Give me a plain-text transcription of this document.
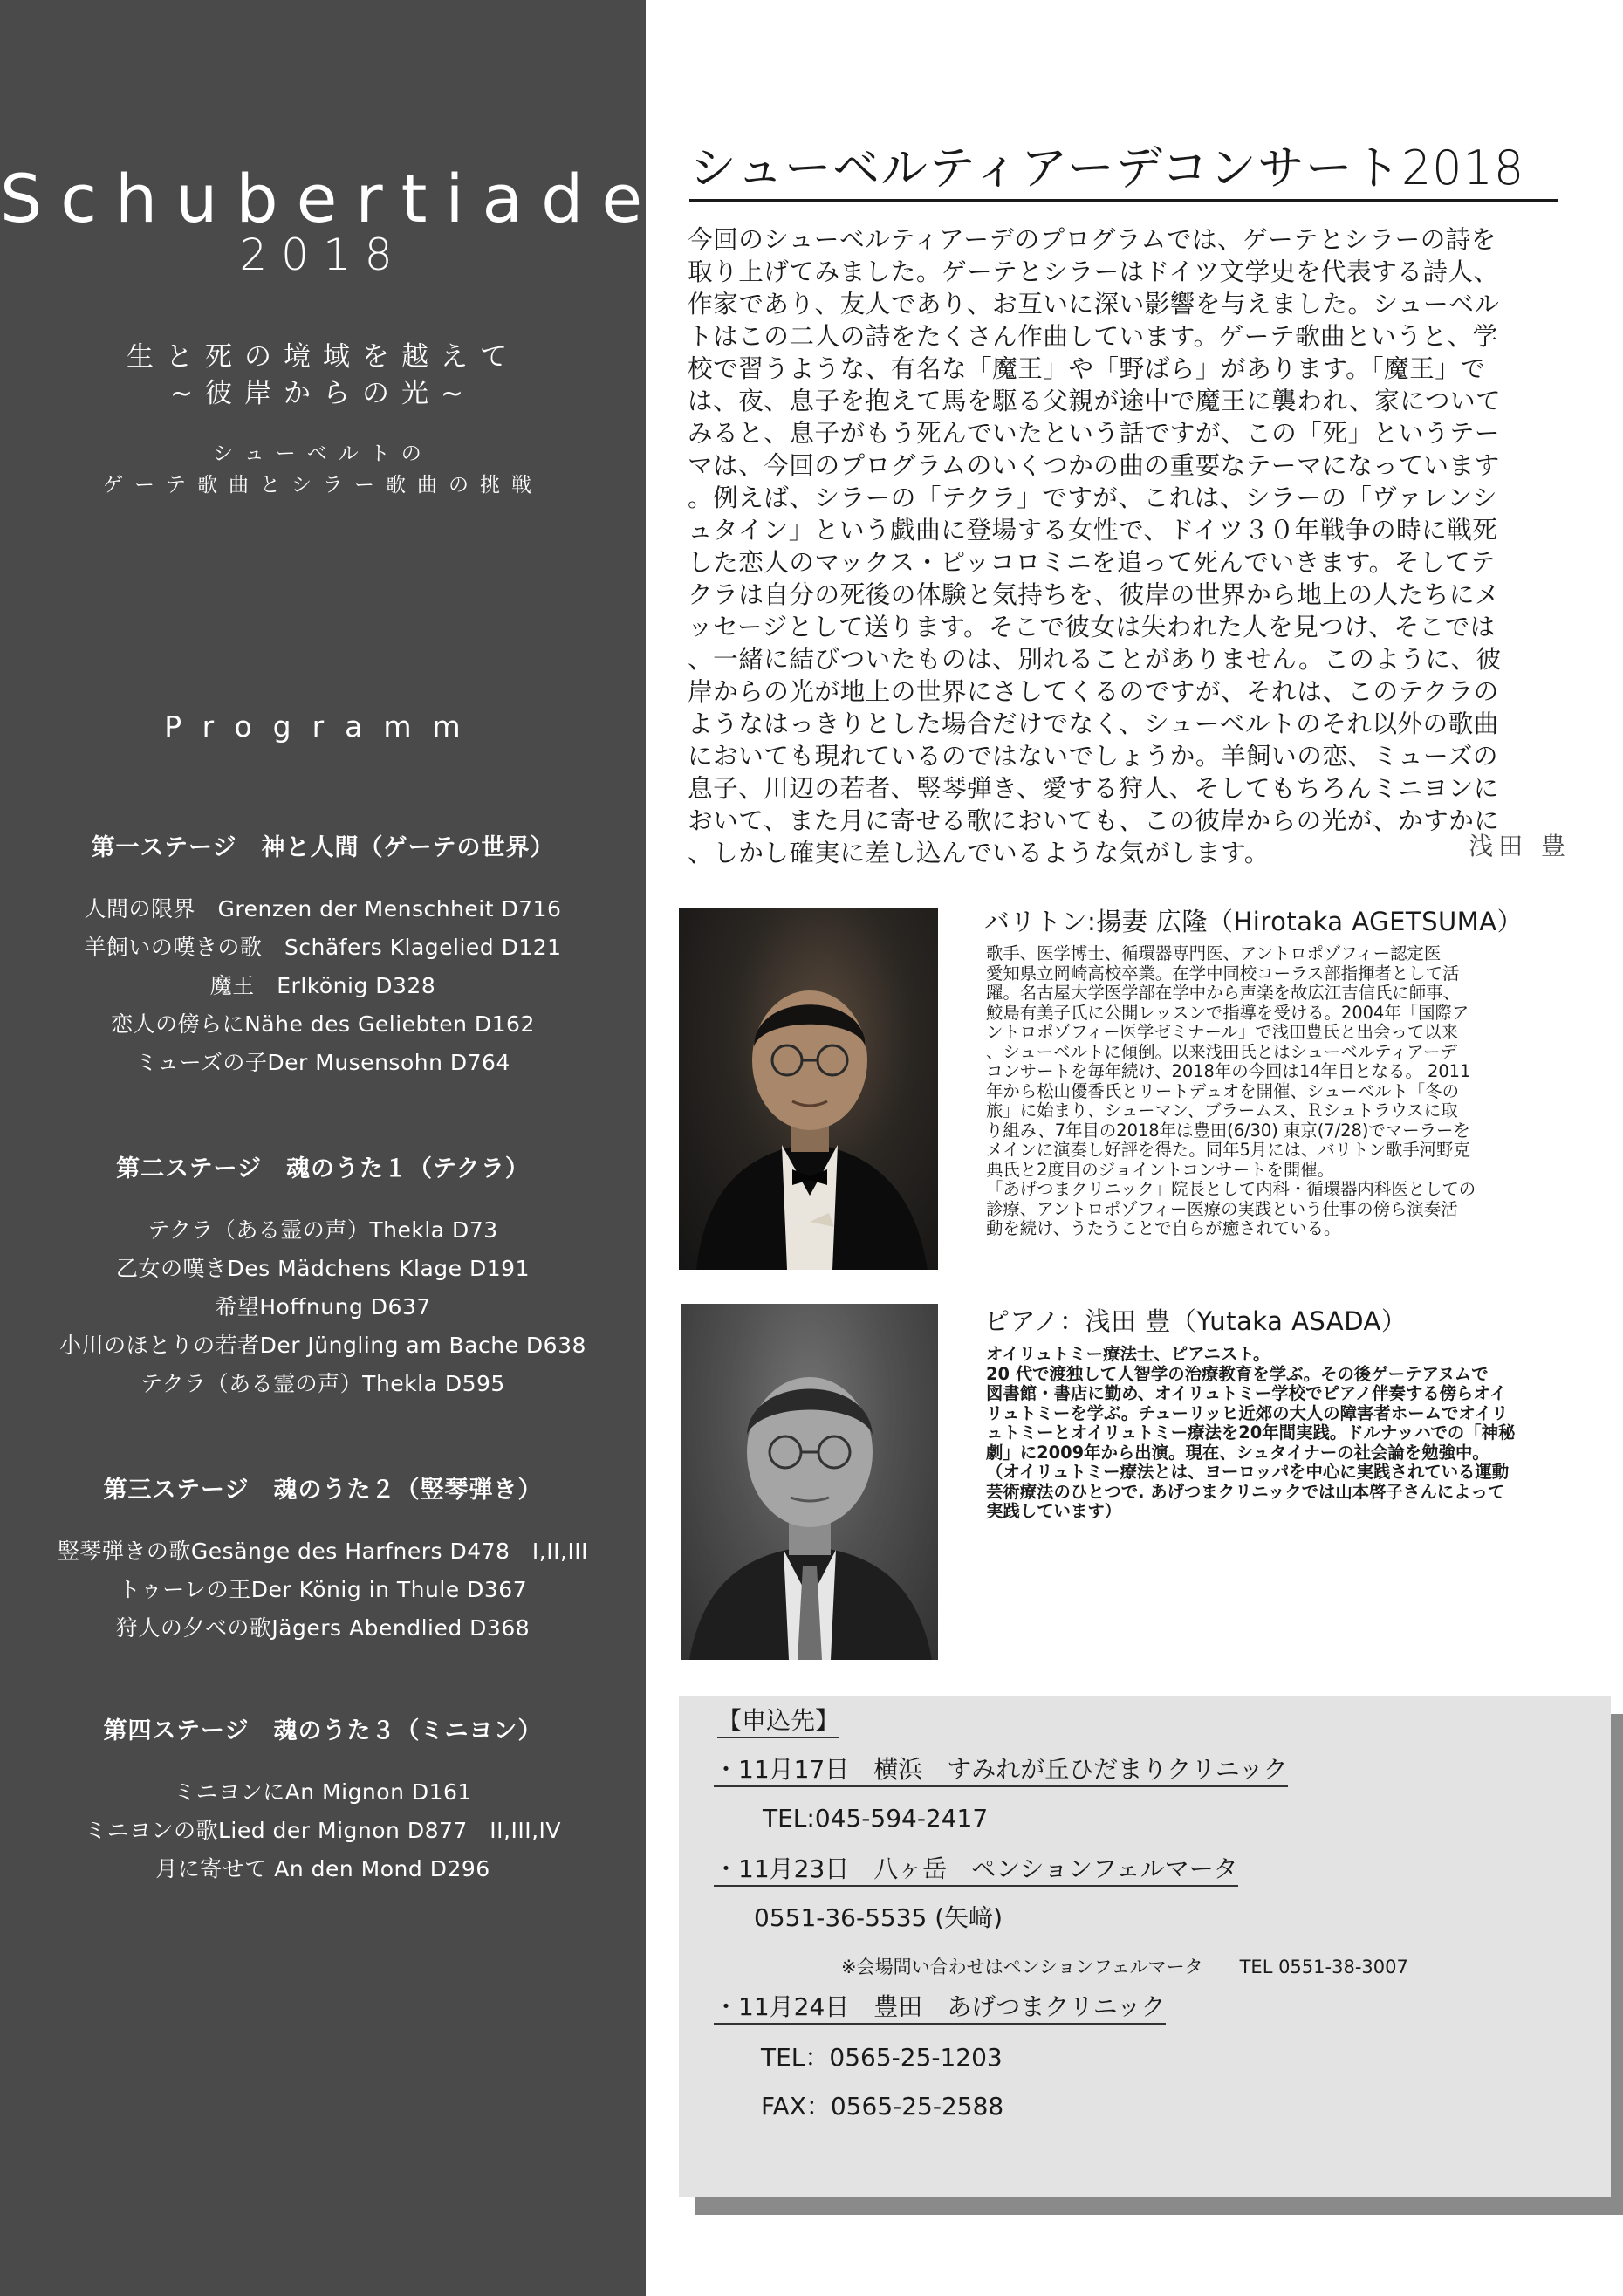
Schubertiade
2018
生と死の境域を越えて
~彼岸からの光~
シューベルトの
ゲーテ歌曲とシラー歌曲の挑戦
Programm
第一ステージ　神と人間（ゲーテの世界）
人間の限界　Grenzen der Menschheit D716
羊飼いの嘆きの歌　Schäfers Klagelied D121
魔王　Erlkönig D328
恋人の傍らにNähe des Geliebten D162
ミューズの子Der Musensohn D764
第二ステージ　魂のうた１（テクラ）
テクラ（ある霊の声）Thekla D73
乙女の嘆きDes Mädchens Klage D191
希望Hoffnung D637
小川のほとりの若者Der Jüngling am Bache D638
テクラ（ある霊の声）Thekla D595
第三ステージ　魂のうた２（竪琴弾き）
竪琴弾きの歌Gesänge des Harfners D478　I,II,III
トゥーレの王Der König in Thule D367
狩人の夕べの歌Jägers Abendlied D368
第四ステージ　魂のうた３（ミニヨン）
ミニヨンにAn Mignon D161
ミニヨンの歌Lied der Mignon D877　II,III,IV
月に寄せて An den Mond D296
シューベルティアーデコンサート2018
今回のシューベルティアーデのプログラムでは、ゲーテとシラーの詩を
取り上げてみました。ゲーテとシラーはドイツ文学史を代表する詩人、
作家であり、友人であり、お互いに深い影響を与えました。シューベル
トはこの二人の詩をたくさん作曲しています。ゲーテ歌曲というと、学
校で習うような、有名な「魔王」や「野ばら」があります。「魔王」で
は、夜、息子を抱えて馬を駆る父親が途中で魔王に襲われ、家について
みると、息子がもう死んでいたという話ですが、この「死」というテー
マは、今回のプログラムのいくつかの曲の重要なテーマになっています
。例えば、シラーの「テクラ」ですが、これは、シラーの「ヴァレンシ
ュタイン」という戯曲に登場する女性で、ドイツ３０年戦争の時に戦死
した恋人のマックス・ピッコロミニを追って死んでいきます。そしてテ
クラは自分の死後の体験と気持ちを、彼岸の世界から地上の人たちにメ
ッセージとして送ります。そこで彼女は失われた人を見つけ、そこでは
、一緒に結びついたものは、別れることがありません。このように、彼
岸からの光が地上の世界にさしてくるのですが、それは、このテクラの
ようなはっきりとした場合だけでなく、シューベルトのそれ以外の歌曲
においても現れているのではないでしょうか。羊飼いの恋、ミューズの
息子、川辺の若者、竪琴弾き、愛する狩人、そしてもちろんミニヨンに
おいて、また月に寄せる歌においても、この彼岸からの光が、かすかに
、しかし確実に差し込んでいるような気がします。	浅田 豊
バリトン:揚妻 広隆（Hirotaka AGETSUMA）
歌手、医学博士、循環器専門医、アントロポゾフィー認定医
愛知県立岡崎高校卒業。在学中同校コーラス部指揮者として活
躍。名古屋大学医学部在学中から声楽を故広江吉信氏に師事、
鮫島有美子氏に公開レッスンで指導を受ける。2004年「国際ア
ントロポゾフィー医学ゼミナール」で浅田豊氏と出会って以来
、シューベルトに傾倒。以来浅田氏とはシューベルティアーデ
コンサートを毎年続け、2018年の今回は14年目となる。 2011
年から松山優香氏とリートデュオを開催、シューベルト「冬の
旅」に始まり、シューマン、ブラームス、Ｒシュトラウスに取
り組み、7年目の2018年は豊田(6/30) 東京(7/28)でマーラーを
メインに演奏し好評を得た。同年5月には、バリトン歌手河野克
典氏と2度目のジョイントコンサートを開催。
「あげつまクリニック」院長として内科・循環器内科医としての
診療、アントロポゾフィー医療の実践という仕事の傍ら演奏活
動を続け、うたうことで自らが癒されている。
ピアノ：浅田 豊（Yutaka ASADA）
オイリュトミー療法士、ピアニスト。
20 代で渡独して人智学の治療教育を学ぶ。その後ゲーテアヌムで
図書館・書店に勤め、オイリュトミー学校でピアノ伴奏する傍らオイ
リュトミーを学ぶ。チューリッヒ近郊の大人の障害者ホームでオイリ
ュトミーとオイリュトミー療法を20年間実践。ドルナッハでの「神秘
劇」に2009年から出演。現在、シュタイナーの社会論を勉強中。
（オイリュトミー療法とは、ヨーロッパを中心に実践されている運動
芸術療法のひとつで. あげつまクリニックでは山本啓子さんによって
実践しています）
【申込先】
・11月17日　横浜　すみれが丘ひだまりクリニック
TEL:045-594-2417
・11月23日　八ヶ岳　ペンションフェルマータ
0551-36-5535 (矢﨑)
※会場問い合わせはペンションフェルマータ　　TEL 0551-38-3007
・11月24日　豊田　あげつまクリニック
TEL：0565-25-1203
FAX：0565-25-2588
